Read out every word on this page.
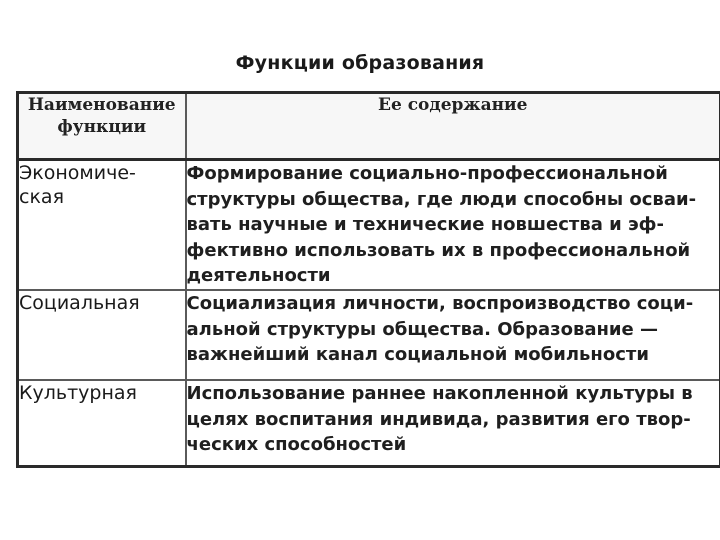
Функции образования
Наименование
функции	Ее содержание

Экономиче-
ская	Формирование социально-профессиональной
структуры общества, где люди способны осваи-
вать научные и технические новшества и эф-
фективно использовать их в профессиональной
деятельности

Социальная	Социализация личности, воспроизводство соци-
альной структуры общества. Образование —
важнейший канал социальной мобильности

Культурная	Использование раннее накопленной культуры в
целях воспитания индивида, развития его твор-
ческих способностей
